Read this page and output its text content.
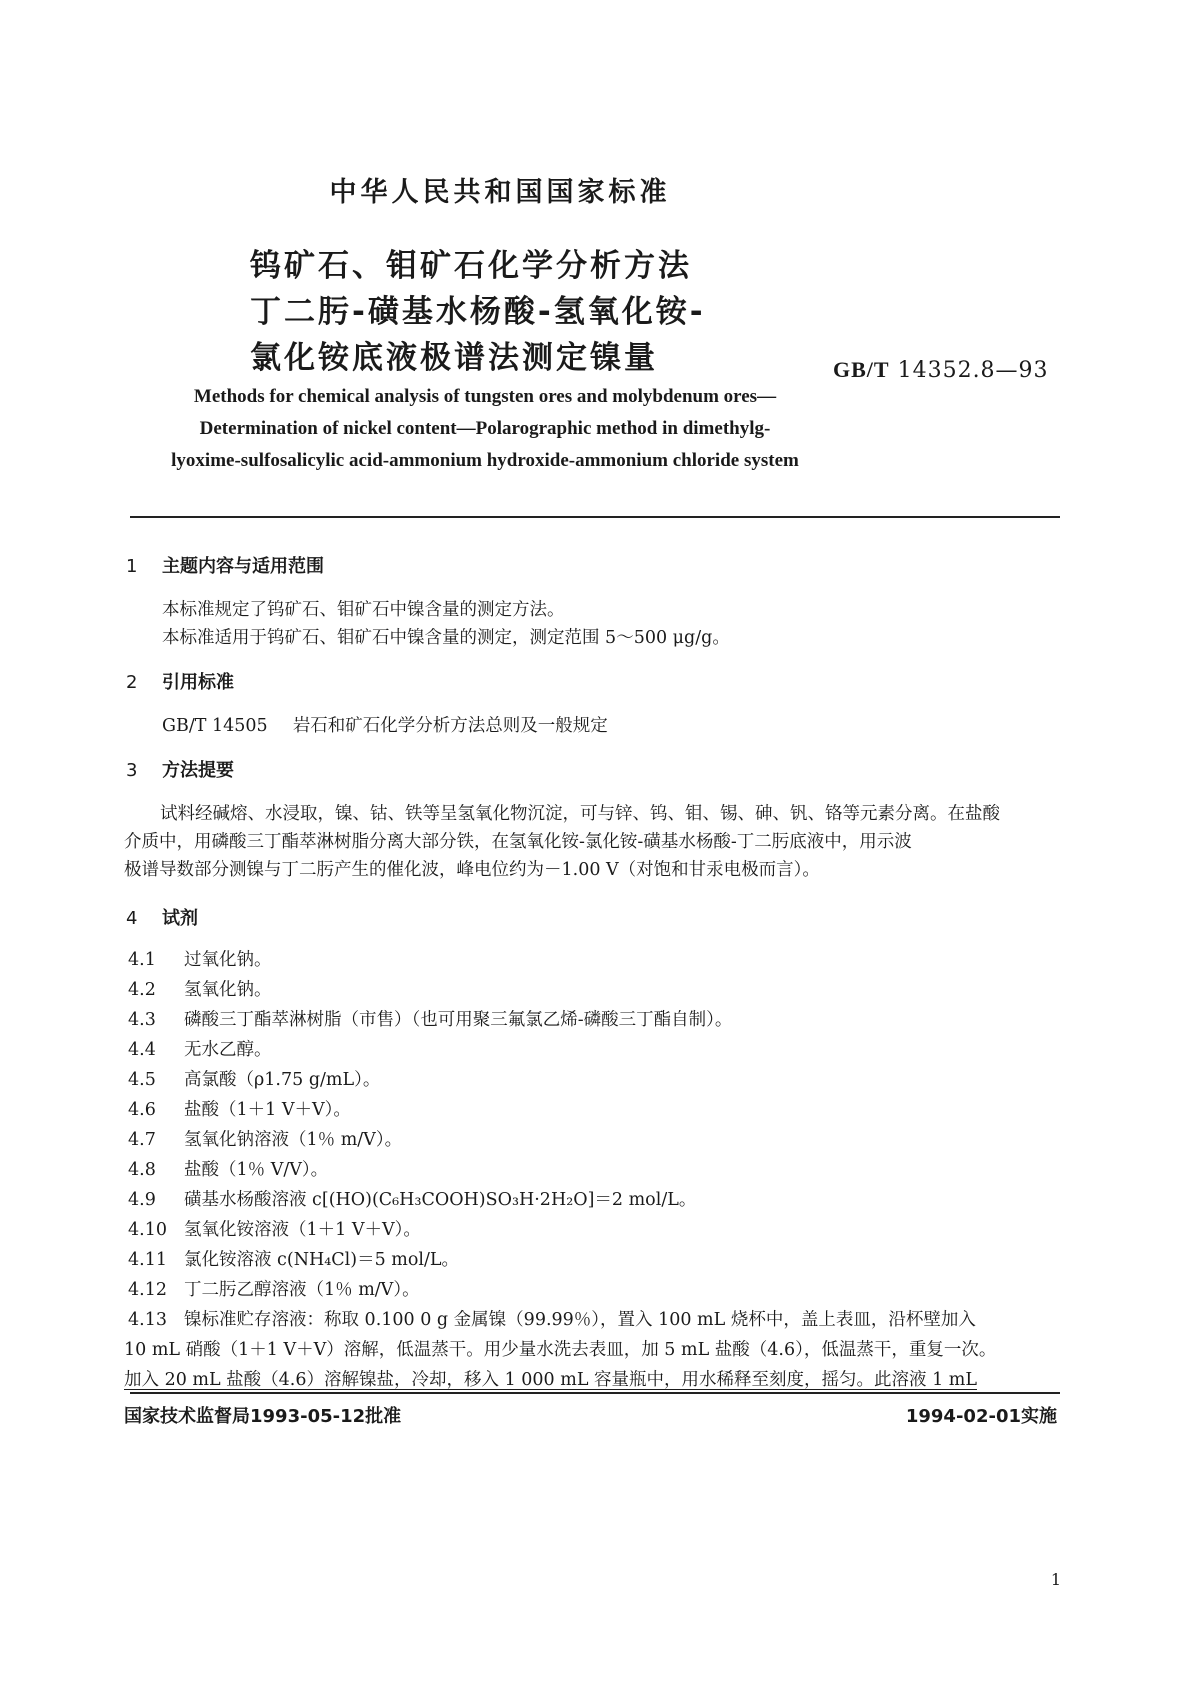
中华人民共和国国家标准
钨矿石、钼矿石化学分析方法
丁二肟-磺基水杨酸-氢氧化铵-
氯化铵底液极谱法测定镍量	GB/T 14352.8—93
Methods for chemical analysis of tungsten ores and molybdenum ores—
Determination of nickel content—Polarographic method in dimethylg-
lyoxime-sulfosalicylic acid-ammonium hydroxide-ammonium chloride system
1 主题内容与适用范围
本标准规定了钨矿石、钼矿石中镍含量的测定方法。
本标准适用于钨矿石、钼矿石中镍含量的测定，测定范围 5～500 μg/g。
2 引用标准
GB/T 14505 岩石和矿石化学分析方法总则及一般规定
3 方法提要
试料经碱熔、水浸取，镍、钴、铁等呈氢氧化物沉淀，可与锌、钨、钼、锡、砷、钒、铬等元素分离。在盐酸
介质中，用磷酸三丁酯萃淋树脂分离大部分铁，在氢氧化铵-氯化铵-磺基水杨酸-丁二肟底液中，用示波
极谱导数部分测镍与丁二肟产生的催化波，峰电位约为－1.00 V（对饱和甘汞电极而言）。
4 试剂
4.1 过氧化钠。
4.2 氢氧化钠。
4.3 磷酸三丁酯萃淋树脂（市售）（也可用聚三氟氯乙烯-磷酸三丁酯自制）。
4.4 无水乙醇。
4.5 高氯酸（ρ1.75 g/mL）。
4.6 盐酸（1＋1 V＋V）。
4.7 氢氧化钠溶液（1％ m/V）。
4.8 盐酸（1％ V/V）。
4.9 磺基水杨酸溶液 c[(HO)(C₆H₃COOH)SO₃H·2H₂O]＝2 mol/L。
4.10 氢氧化铵溶液（1＋1 V＋V）。
4.11 氯化铵溶液 c(NH₄Cl)＝5 mol/L。
4.12 丁二肟乙醇溶液（1％ m/V）。
4.13 镍标准贮存溶液：称取 0.100 0 g 金属镍（99.99％），置入 100 mL 烧杯中，盖上表皿，沿杯壁加入
10 mL 硝酸（1＋1 V＋V）溶解，低温蒸干。用少量水洗去表皿，加 5 mL 盐酸（4.6），低温蒸干，重复一次。
加入 20 mL 盐酸（4.6）溶解镍盐，冷却，移入 1 000 mL 容量瓶中，用水稀释至刻度，摇匀。此溶液 1 mL
国家技术监督局1993-05-12批准	1994-02-01实施
1
